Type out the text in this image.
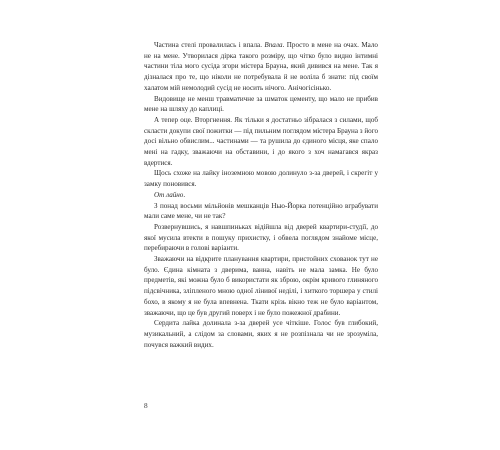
Частина стелі провалилась і впала. Впала. Просто в мене на очах. Мало не на мене. Утворилася дірка такого розміру, що чітко було видно інтимні частини тіла мого сусіда згори містера Брауна, який дивився на мене. Так я дізналася про те, що ніколи не потребувала й не воліла б знати: під своїм халатом мій немолодий сусід не носить нічого. Анічогісінько.

Видовище не менш травматичне за шматок цементу, що мало не прибив мене на шляху до каплиці.

А тепер оце. Вторгнення. Як тільки я достатньо зібралася з силами, щоб скласти докупи свої пожитки — під пильним поглядом містера Брауна з його досі вільно обвислим... частинами — та рушила до єдиного місця, яке спало мені на гадку, зважаючи на обставини, і до якого з хоч намагався якраз вдертися.

Щось схоже на лайку іноземною мовою долинуло з-за дверей, і скрегіт у замку поновився.

От лайно.

З понад восьми мільйонів мешканців Нью-Йорка потенційно вграбувати мали саме мене, чи не так?

Розвернувшись, я навшпиньках відійшла від дверей квартири-студії, до якої мусила втекти в пошуку прихистку, і обвела поглядом знайоме місце, перебираючи в голові варіанти.

Зважаючи на відкрите планування квартири, пристойних схованок тут не було. Єдина кімната з дверима, ванна, навіть не мала замка. Не було предметів, які можна було б використати як зброю, окрім кривого глиняного підсвічника, зліпленого мною одної лінивої неділі, і хиткого торшера у стилі бохо, в якому я не була впевнена. Ткати крізь вікно теж не було варіантом, зважаючи, що це був другий поверх і не було пожежної драбини.

Сердита лайка долинала з-за дверей усе чіткіше. Голос був глибокий, музикальний, а слідом за словами, яких я не розпізнала чи не зрозуміла, почувся важкий видих.

8
